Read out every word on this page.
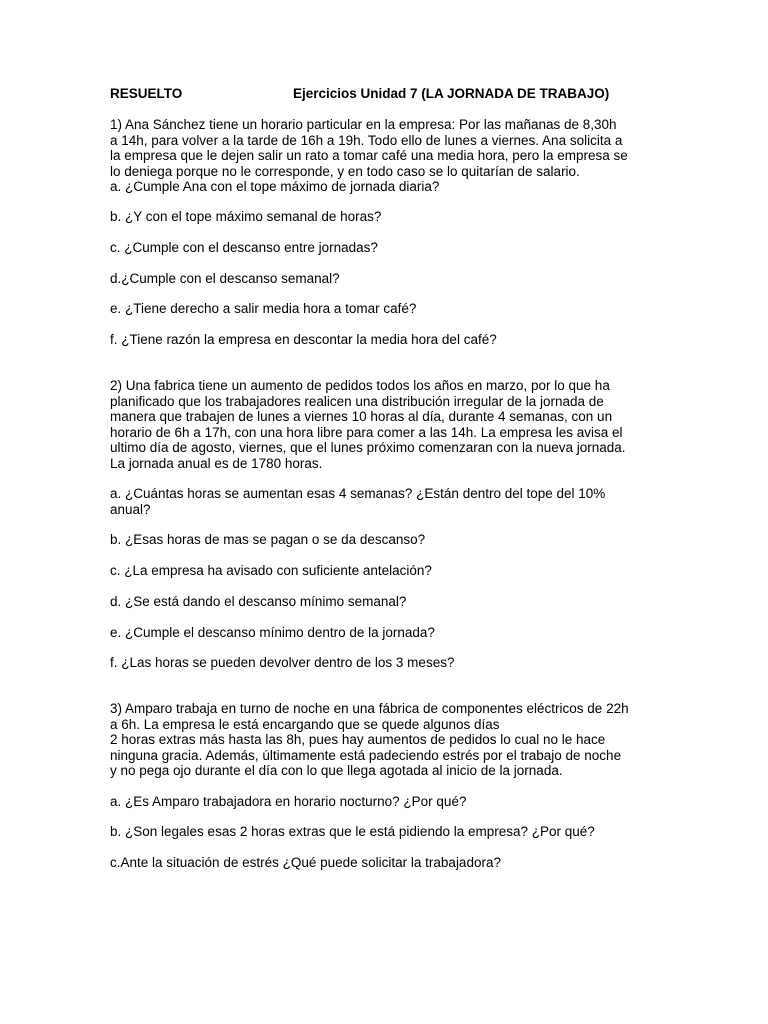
RESUELTO	Ejercicios Unidad 7 (LA JORNADA DE TRABAJO)
1) Ana Sánchez tiene un horario particular en la empresa: Por las mañanas de 8,30h
a 14h, para volver a la tarde de 16h a 19h. Todo ello de lunes a viernes. Ana solicita a
la empresa que le dejen salir un rato a tomar café una media hora, pero la empresa se
lo deniega porque no le corresponde, y en todo caso se lo quitarían de salario.
a. ¿Cumple Ana con el tope máximo de jornada diaria?
b. ¿Y con el tope máximo semanal de horas?
c. ¿Cumple con el descanso entre jornadas?
d.¿Cumple con el descanso semanal?
e. ¿Tiene derecho a salir media hora a tomar café?
f. ¿Tiene razón la empresa en descontar la media hora del café?
2) Una fabrica tiene un aumento de pedidos todos los años en marzo, por lo que ha
planificado que los trabajadores realicen una distribución irregular de la jornada de
manera que trabajen de lunes a viernes 10 horas al día, durante 4 semanas, con un
horario de 6h a 17h, con una hora libre para comer a las 14h. La empresa les avisa el
ultimo día de agosto, viernes, que el lunes próximo comenzaran con la nueva jornada.
La jornada anual es de 1780 horas.
a. ¿Cuántas horas se aumentan esas 4 semanas? ¿Están dentro del tope del 10%
anual?
b. ¿Esas horas de mas se pagan o se da descanso?
c. ¿La empresa ha avisado con suficiente antelación?
d. ¿Se está dando el descanso mínimo semanal?
e. ¿Cumple el descanso mínimo dentro de la jornada?
f. ¿Las horas se pueden devolver dentro de los 3 meses?
3) Amparo trabaja en turno de noche en una fábrica de componentes eléctricos de 22h
a 6h. La empresa le está encargando que se quede algunos días
2 horas extras más hasta las 8h, pues hay aumentos de pedidos lo cual no le hace
ninguna gracia. Además, últimamente está padeciendo estrés por el trabajo de noche
y no pega ojo durante el día con lo que llega agotada al inicio de la jornada.
a. ¿Es Amparo trabajadora en horario nocturno? ¿Por qué?
b. ¿Son legales esas 2 horas extras que le está pidiendo la empresa? ¿Por qué?
c.Ante la situación de estrés ¿Qué puede solicitar la trabajadora?
